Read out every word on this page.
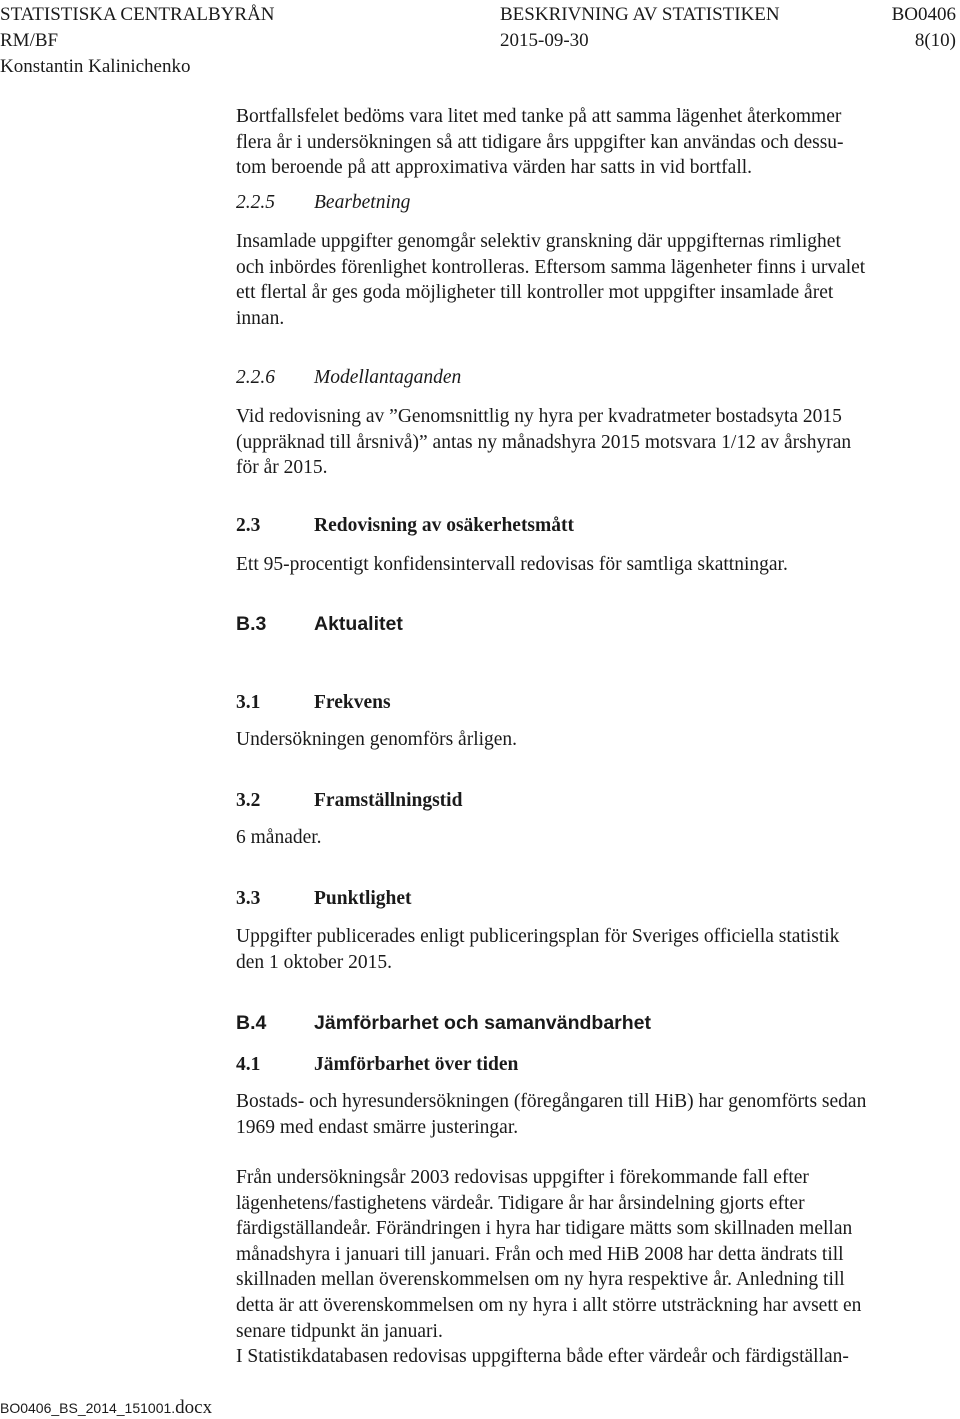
STATISTISKA CENTRALBYRÅN	BESKRIVNING AV STATISTIKEN	BO0406
RM/BF	2015-09-30	8(10)
Konstantin Kalinichenko
Bortfallsfelet bedöms vara litet med tanke på att samma lägenhet återkommer
flera år i undersökningen så att tidigare års uppgifter kan användas och dessu-
tom beroende på att approximativa värden har satts in vid bortfall.
2.2.5 Bearbetning
Insamlade uppgifter genomgår selektiv granskning där uppgifternas rimlighet
och inbördes förenlighet kontrolleras. Eftersom samma lägenheter finns i urvalet
ett flertal år ges goda möjligheter till kontroller mot uppgifter insamlade året
innan.
2.2.6 Modellantaganden
Vid redovisning av ”Genomsnittlig ny hyra per kvadratmeter bostadsyta 2015
(uppräknad till årsnivå)” antas ny månadshyra 2015 motsvara 1/12 av årshyran
för år 2015.
2.3	Redovisning av osäkerhetsmått
Ett 95-procentigt konfidensintervall redovisas för samtliga skattningar.
B.3 Aktualitet
3.1	Frekvens
Undersökningen genomförs årligen.
3.2	Framställningstid
6 månader.
3.3	Punktlighet
Uppgifter publicerades enligt publiceringsplan för Sveriges officiella statistik
den 1 oktober 2015.
B.4 Jämförbarhet och samanvändbarhet
4.1	Jämförbarhet över tiden
Bostads- och hyresundersökningen (föregångaren till HiB) har genomförts sedan
1969 med endast smärre justeringar.
Från undersökningsår 2003 redovisas uppgifter i förekommande fall efter
lägenhetens/fastighetens värdeår. Tidigare år har årsindelning gjorts efter
färdigställandeår. Förändringen i hyra har tidigare mätts som skillnaden mellan
månadshyra i januari till januari. Från och med HiB 2008 har detta ändrats till
skillnaden mellan överenskommelsen om ny hyra respektive år. Anledning till
detta är att överenskommelsen om ny hyra i allt större utsträckning har avsett en
senare tidpunkt än januari.
I Statistikdatabasen redovisas uppgifterna både efter värdeår och färdigställan-
BO0406_BS_2014_151001.docx
